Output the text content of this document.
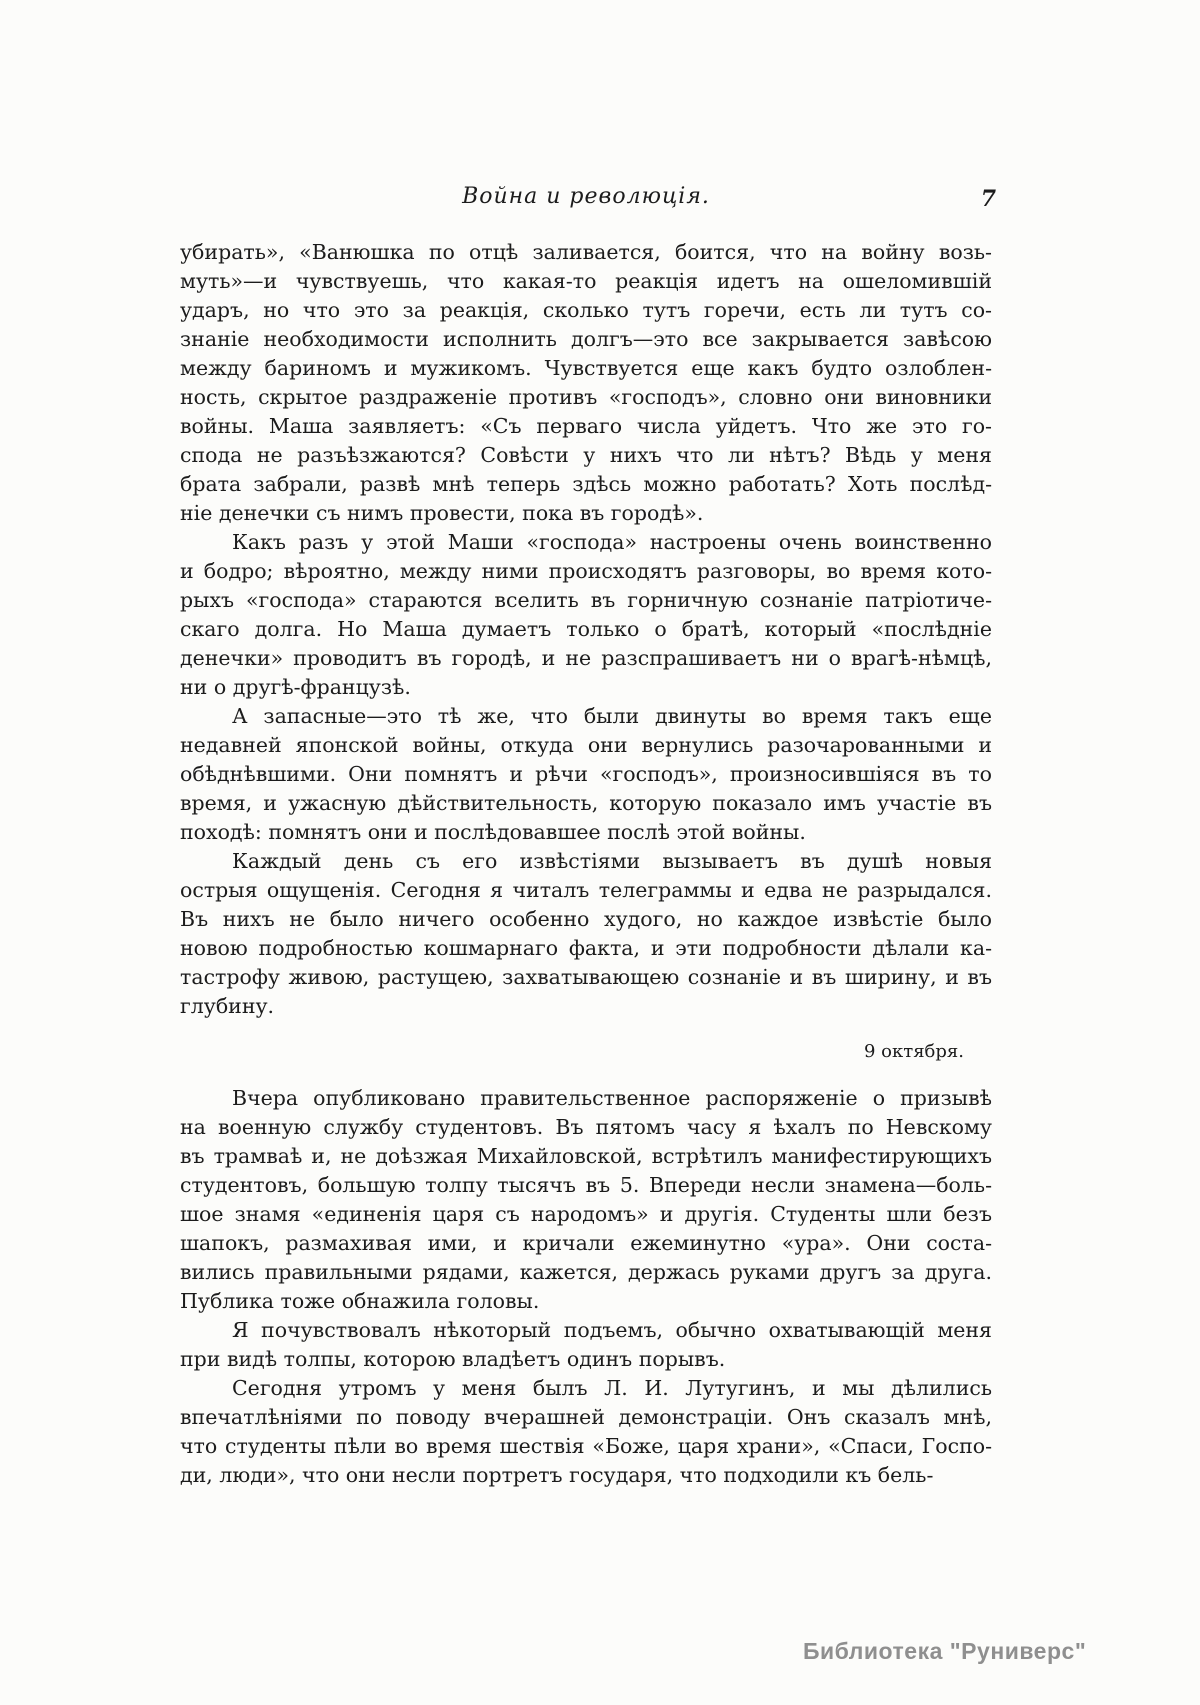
Война и революція.	7
убирать», «Ванюшка по отцѣ заливается, боится, что на войну возь-
муть»—и чувствуешь, что какая-то реакція идетъ на ошеломившій
ударъ, но что это за реакція, сколько тутъ горечи, есть ли тутъ со-
знаніе необходимости исполнить долгъ—это все закрывается завѣсою
между бариномъ и мужикомъ. Чувствуется еще какъ будто озлоблен-
ность, скрытое раздраженіе противъ «господъ», словно они виновники
войны. Маша заявляетъ: «Съ перваго числа уйдетъ. Что же это го-
спода не разъѣзжаются? Совѣсти у нихъ что ли нѣтъ? Вѣдь у меня
брата забрали, развѣ мнѣ теперь здѣсь можно работать? Хоть послѣд-
ніе денечки съ нимъ провести, пока въ городѣ».
Какъ разъ у этой Маши «господа» настроены очень воинственно
и бодро; вѣроятно, между ними происходятъ разговоры, во время кото-
рыхъ «господа» стараются вселить въ горничную сознаніе патріотиче-
скаго долга. Но Маша думаетъ только о братѣ, который «послѣдніе
денечки» проводитъ въ городѣ, и не разспрашиваетъ ни о врагѣ-нѣмцѣ,
ни о другѣ-французѣ.
А запасные—это тѣ же, что были двинуты во время такъ еще
недавней японской войны, откуда они вернулись разочарованными и
обѣднѣвшими. Они помнятъ и рѣчи «господъ», произносившіяся въ то
время, и ужасную дѣйствительность, которую показало имъ участіе въ
походѣ: помнятъ они и послѣдовавшее послѣ этой войны.
Каждый день съ его извѣстіями вызываетъ въ душѣ новыя
острыя ощущенія. Сегодня я читалъ телеграммы и едва не разрыдался.
Въ нихъ не было ничего особенно худого, но каждое извѣстіе было
новою подробностью кошмарнаго факта, и эти подробности дѣлали ка-
тастрофу живою, растущею, захватывающею сознаніе и въ ширину, и въ
глубину.
9 октября.
Вчера опубликовано правительственное распоряженіе о призывѣ
на военную службу студентовъ. Въ пятомъ часу я ѣхалъ по Невскому
въ трамваѣ и, не доѣзжая Михайловской, встрѣтилъ манифестирующихъ
студентовъ, большую толпу тысячъ въ 5. Впереди несли знамена—боль-
шое знамя «единенія царя съ народомъ» и другія. Студенты шли безъ
шапокъ, размахивая ими, и кричали ежеминутно «ура». Они соста-
вились правильными рядами, кажется, держась руками другъ за друга.
Публика тоже обнажила головы.
Я почувствовалъ нѣкоторый подъемъ, обычно охватывающій меня
при видѣ толпы, которою владѣетъ одинъ порывъ.
Сегодня утромъ у меня былъ Л. И. Лутугинъ, и мы дѣлились
впечатлѣніями по поводу вчерашней демонстраціи. Онъ сказалъ мнѣ,
что студенты пѣли во время шествія «Боже, царя храни», «Спаси, Госпо-
ди, люди», что они несли портретъ государя, что подходили къ бель-
Библиотека "Руниверс"
